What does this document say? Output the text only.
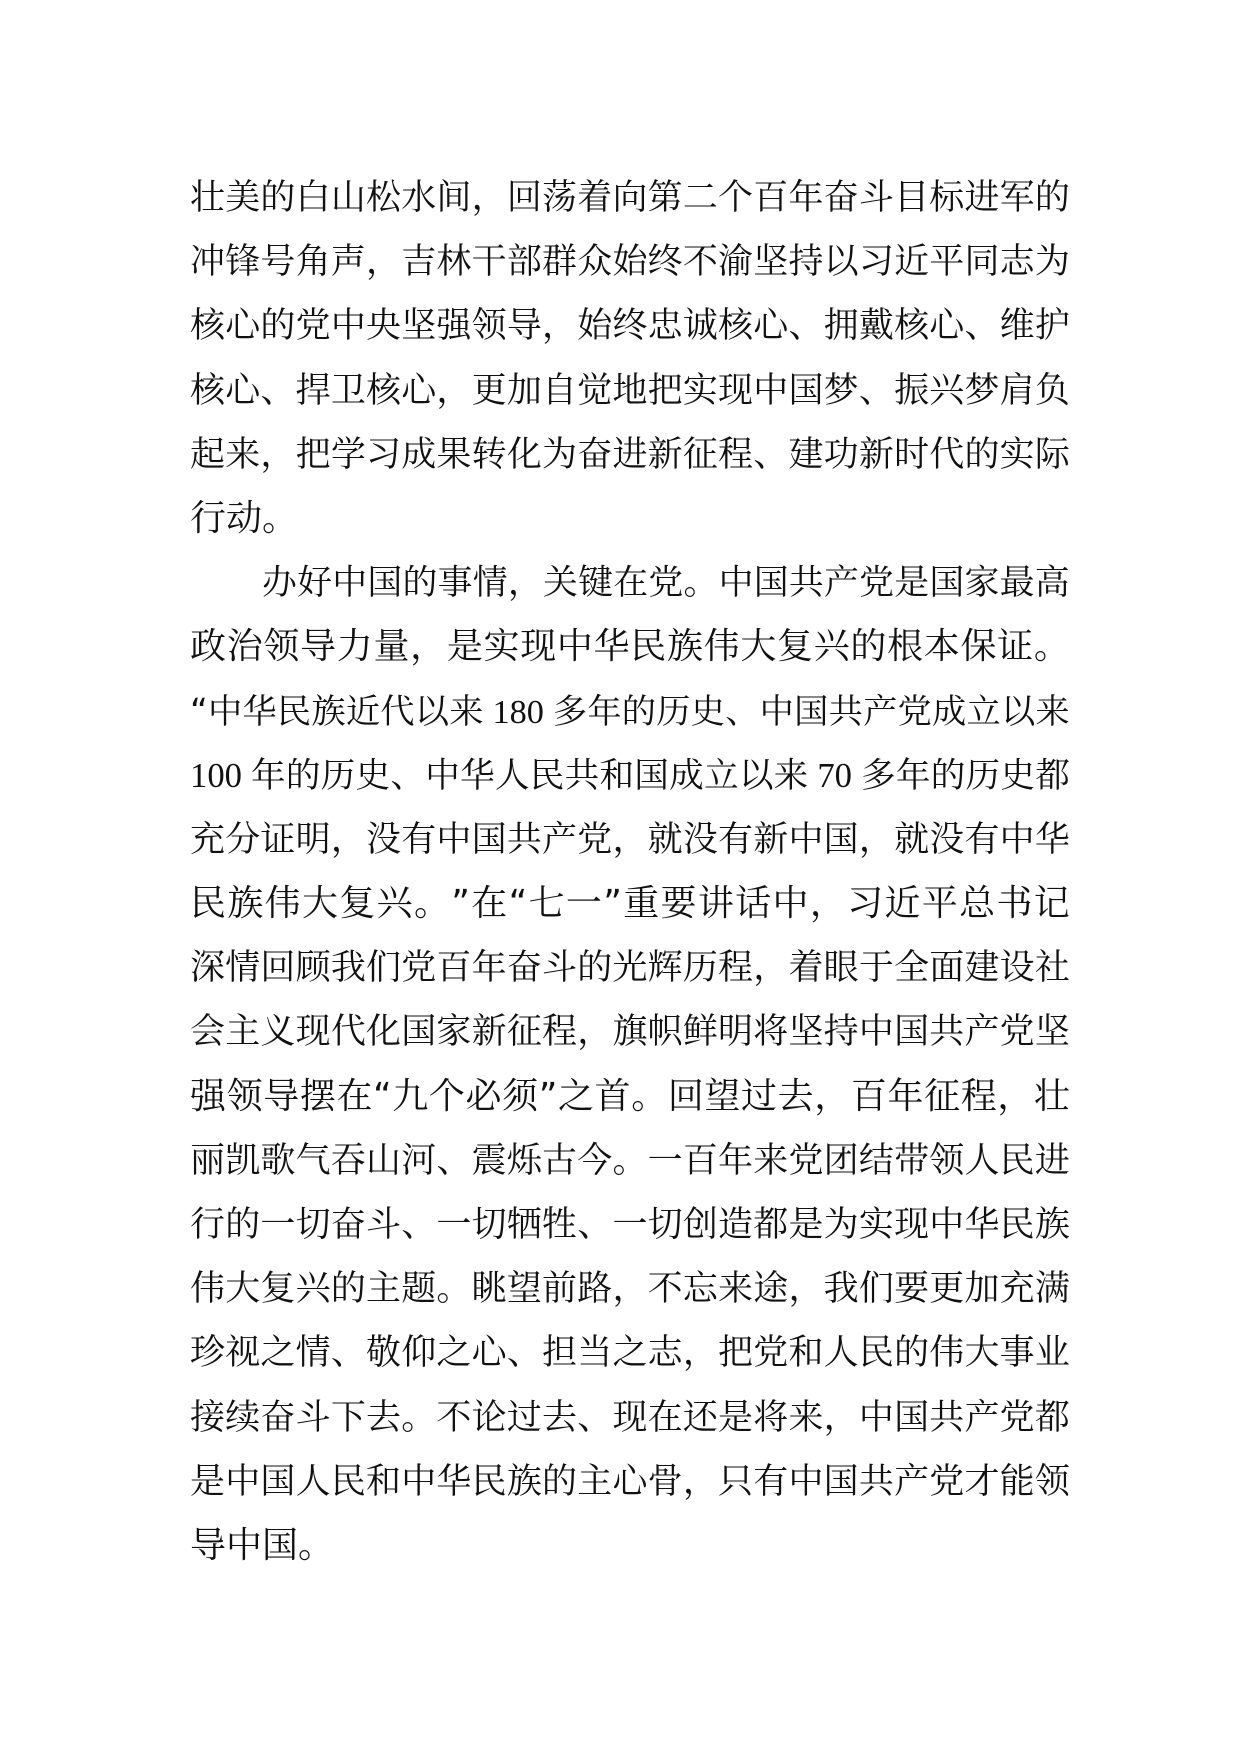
壮 美 的 白 山 松 水 间 ， 回 荡 着 向 第 二 个 百 年 奋 斗 目 标 进 军 的
冲 锋 号 角 声 ， 吉 林 干 部 群 众 始 终 不 渝 坚 持 以 习 近 平 同 志 为
核 心 的 党 中 央 坚 强 领 导 ， 始 终 忠 诚 核 心 、 拥 戴 核 心 、 维 护
核 心 、 捍 卫 核 心 ， 更 加 自 觉 地 把 实 现 中 国 梦 、 振 兴 梦 肩 负
起 来 ， 把 学 习 成 果 转 化 为 奋 进 新 征 程 、 建 功 新 时 代 的 实 际
行 动 。
办 好 中 国 的 事 情 ， 关 键 在 党 。 中 国 共 产 党 是 国 家 最 高
政 治 领 导 力 量 ， 是 实 现 中 华 民 族 伟 大 复 兴 的 根 本 保 证 。
“ 中 华 民 族 近 代 以 来
180
多 年 的 历 史 、 中 国 共 产 党 成 立 以 来
100
年 的 历 史 、 中 华 人 民 共 和 国 成 立 以 来
70
多 年 的 历 史 都
充 分 证 明 ， 没 有 中 国 共 产 党 ， 就 没 有 新 中 国 ， 就 没 有 中 华
民 族 伟 大 复 兴 。 ” 在 “ 七 一 ” 重 要 讲 话 中 ， 习 近 平 总 书 记
深 情 回 顾 我 们 党 百 年 奋 斗 的 光 辉 历 程 ， 着 眼 于 全 面 建 设 社
会 主 义 现 代 化 国 家 新 征 程 ， 旗 帜 鲜 明 将 坚 持 中 国 共 产 党 坚
强 领 导 摆 在 “ 九 个 必 须 ” 之 首 。 回 望 过 去 ， 百 年 征 程 ， 壮
丽 凯 歌 气 吞 山 河 、 震 烁 古 今 。 一 百 年 来 党 团 结 带 领 人 民 进
行 的 一 切 奋 斗 、 一 切 牺 牲 、 一 切 创 造 都 是 为 实 现 中 华 民 族
伟 大 复 兴 的 主 题 。 眺 望 前 路 ， 不 忘 来 途 ， 我 们 要 更 加 充 满
珍 视 之 情 、 敬 仰 之 心 、 担 当 之 志 ， 把 党 和 人 民 的 伟 大 事 业
接 续 奋 斗 下 去 。 不 论 过 去 、 现 在 还 是 将 来 ， 中 国 共 产 党 都
是 中 国 人 民 和 中 华 民 族 的 主 心 骨 ， 只 有 中 国 共 产 党 才 能 领
导 中 国 。
